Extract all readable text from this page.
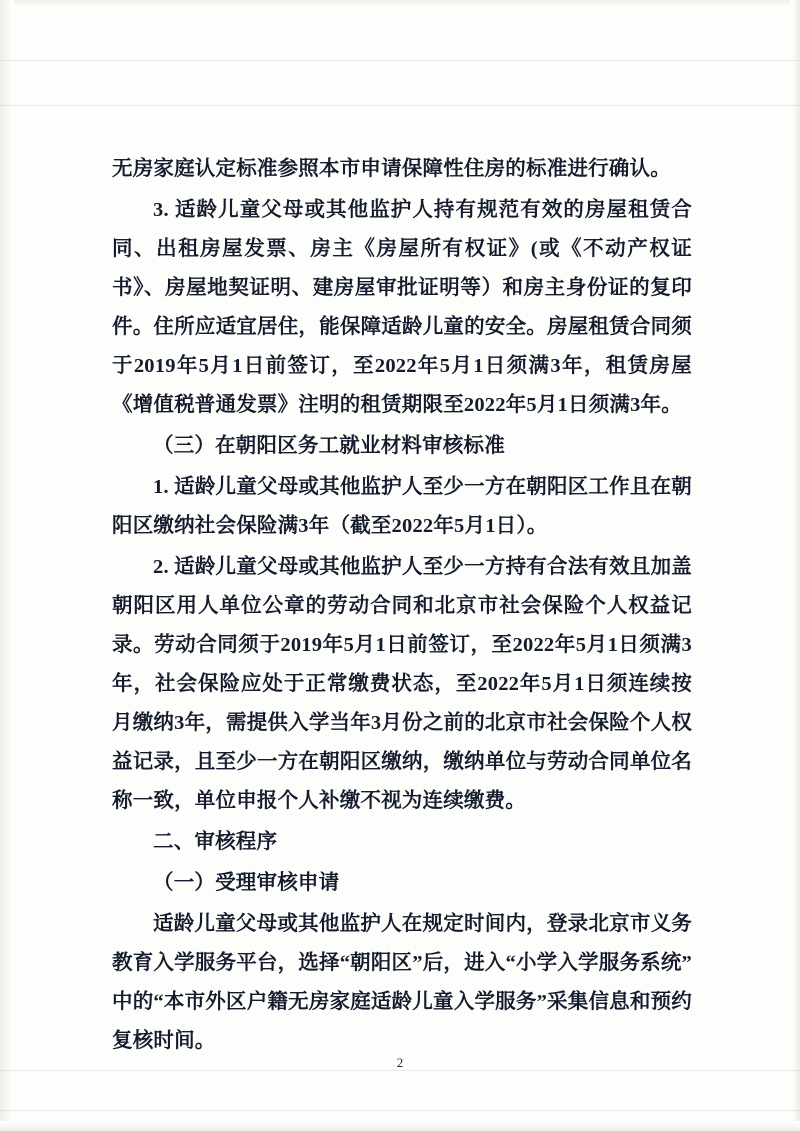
无房家庭认定标准参照本市申请保障性住房的标准进行确认。

3. 适龄儿童父母或其他监护人持有规范有效的房屋租赁合同、出租房屋发票、房主《房屋所有权证》(或《不动产权证书》、房屋地契证明、建房屋审批证明等）和房主身份证的复印件。住所应适宜居住，能保障适龄儿童的安全。房屋租赁合同须于2019年5月1日前签订，至2022年5月1日须满3年，租赁房屋《增值税普通发票》注明的租赁期限至2022年5月1日须满3年。

（三）在朝阳区务工就业材料审核标准

1. 适龄儿童父母或其他监护人至少一方在朝阳区工作且在朝阳区缴纳社会保险满3年（截至2022年5月1日）。

2. 适龄儿童父母或其他监护人至少一方持有合法有效且加盖朝阳区用人单位公章的劳动合同和北京市社会保险个人权益记录。劳动合同须于2019年5月1日前签订，至2022年5月1日须满3年，社会保险应处于正常缴费状态，至2022年5月1日须连续按月缴纳3年，需提供入学当年3月份之前的北京市社会保险个人权益记录，且至少一方在朝阳区缴纳，缴纳单位与劳动合同单位名称一致，单位申报个人补缴不视为连续缴费。

二、审核程序

（一）受理审核申请

适龄儿童父母或其他监护人在规定时间内，登录北京市义务教育入学服务平台，选择“朝阳区”后，进入“小学入学服务系统”中的“本市外区户籍无房家庭适龄儿童入学服务”采集信息和预约复核时间。

2
